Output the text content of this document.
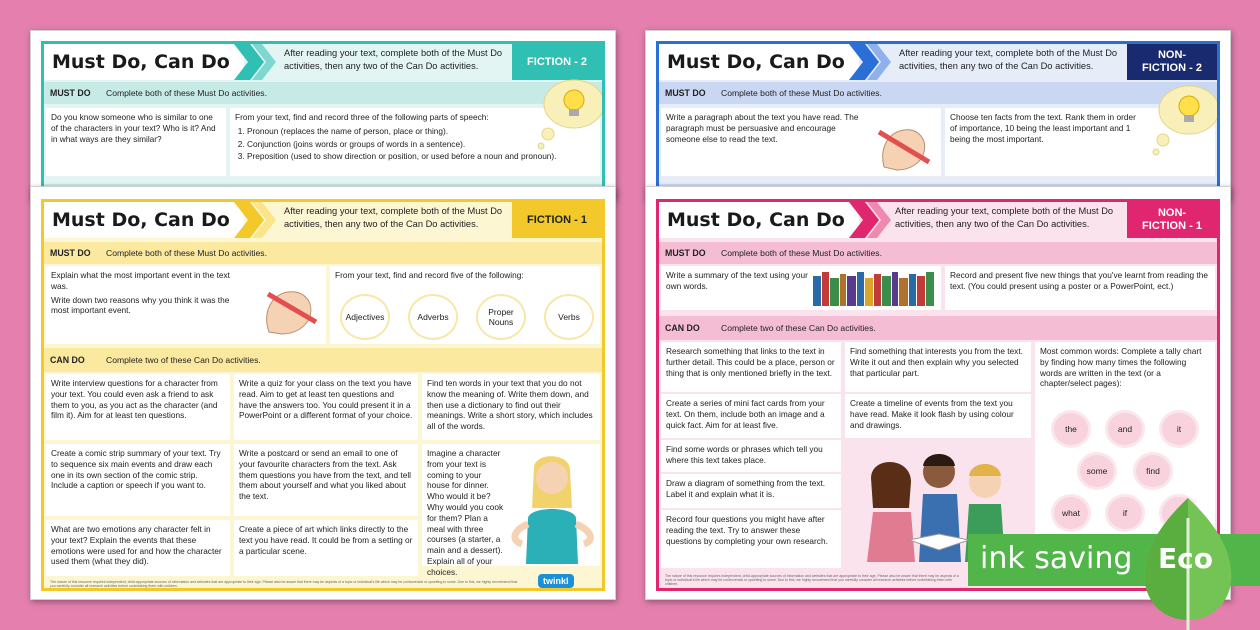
Must Do, Can Do	After reading your text, complete both of the Must Do activities, then any two of the Can Do activities.	FICTION - 2
MUST DO	Complete both of these Must Do activities.
Do you know someone who is similar to one of the characters in your text? Who is it? And in what ways are they similar?

From your text, find and record three of the following parts of speech:

1. Pronoun (replaces the name of person, place or thing).
2. Conjunction (joins words or groups of words in a sentence).
3. Preposition (used to show direction or position, or used before a noun and pronoun).
Must Do, Can Do	After reading your text, complete both of the Must Do activities, then any two of the Can Do activities.
NON-
FICTION - 2
MUST DO	Complete both of these Must Do activities.
Write a paragraph about the text you have read. The paragraph must be persuasive and encourage someone else to read the text.
Choose ten facts from the text. Rank them in order of importance, 10 being the least important and 1 being the most important.
Must Do, Can Do	After reading your text, complete both of the Must Do activities, then any two of the Can Do activities.	FICTION - 1
MUST DO	Complete both of these Must Do activities.

Explain what the most important event in the text was.

Write down two reasons why you think it was the most important event.

From your text, find and record five of the following:

Adjectives	Adverbs	Proper Nouns	Verbs
CAN DO	Complete two of these Can Do activities.
Write interview questions for a character from your text. You could even ask a friend to ask them to you, as you act as the character (and film it). Aim for at least ten questions.
Write a quiz for your class on the text you have read. Aim to get at least ten questions and have the answers too. You could present it in a PowerPoint or a different format of your choice.
Find ten words in your text that you do not know the meaning of. Write them down, and then use a dictionary to find out their meanings. Write a short story, which includes all of the words.
Create a comic strip summary of your text. Try to sequence six main events and draw each one in its own section of the comic strip. Include a caption or speech if you want to.
Write a postcard or send an email to one of your favourite characters from the text. Ask them questions you have from the text, and tell them about yourself and what you liked about the text.
Imagine a character from your text is coming to your house for dinner. Who would it be? Why would you cook for them? Plan a meal with three courses (a starter, a main and a dessert). Explain all of your choices.
What are two emotions any character felt in your text? Explain the events that these emotions were used for and how the character used them (what they did).
Create a piece of art which links directly to the text you have read. It could be from a setting or a particular scene.
The nature of this resource requires independent, child-appropriate sources of information and websites that are appropriate to their age. Please also be aware that there may be aspects of a topic or individual's life which may be controversial or upsetting to some. Due to this, we highly recommend that you carefully consider all research activities before undertaking them with children.	twinkl
Must Do, Can Do	After reading your text, complete both of the Must Do activities, then any two of the Can Do activities.
NON-
FICTION - 1
MUST DO	Complete both of these Must Do activities.
Write a summary of the text using your own words.
Record and present five new things that you've learnt from reading the text. (You could present using a poster or a PowerPoint, ect.)
CAN DO	Complete two of these Can Do activities.
Research something that links to the text in further detail. This could be a place, person or thing that is only mentioned briefly in the text.
Create a series of mini fact cards from your text. On them, include both an image and a quick fact. Aim for at least five.
Find some words or phrases which tell you where this text takes place.
Draw a diagram of something from the text. Label it and explain what it is.
Record four questions you might have after reading the text. Try to answer these questions by completing your own research.
Find something that interests you from the text. Write it out and then explain why you selected that particular part.
Create a timeline of events from the text you have read. Make it look flash by using colour and drawings.

Most common words: Complete a tally chart by finding how many times the following words are written in the text (or a chapter/select pages):

the	and	it
some	find
what	if
The nature of this resource requires independent, child-appropriate sources of information and websites that are appropriate to their age. Please also be aware that there may be aspects of a topic or individual's life which may be controversial or upsetting to some. Due to this, we highly recommend that you carefully consider all research activities before undertaking them with children.
ink saving Eco
